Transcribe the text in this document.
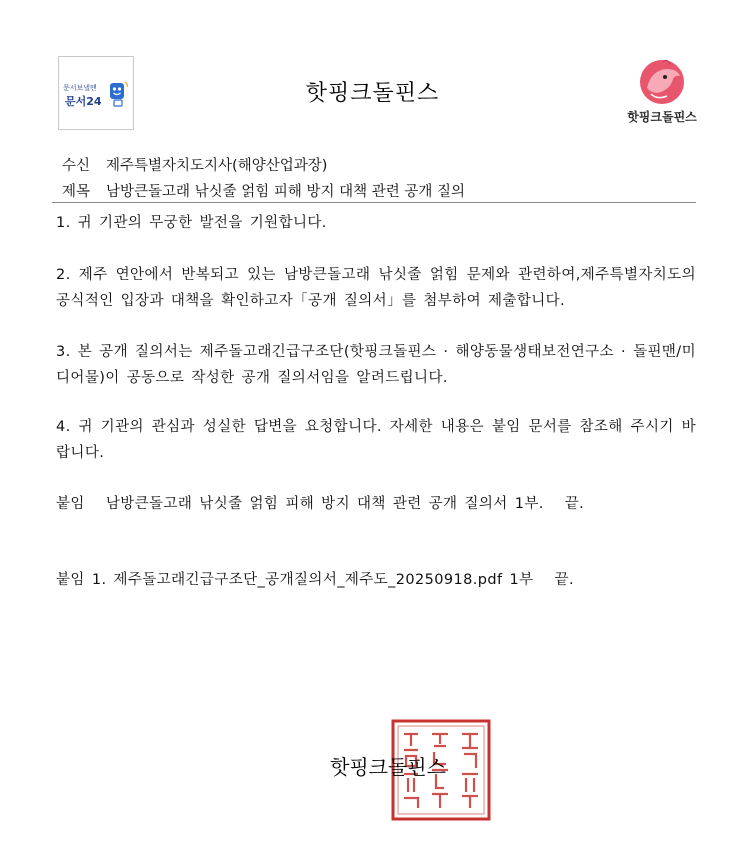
문서보낼땐
문서24	핫핑크돌핀스
핫핑크돌핀스
수신 제주특별자치도지사(해양산업과장)
제목 남방큰돌고래 낚싯줄 얽힘 피해 방지 대책 관련 공개 질의
1. 귀 기관의 무궁한 발전을 기원합니다.
2. 제주 연안에서 반복되고 있는 남방큰돌고래 낚싯줄 얽힘 문제와 관련하여,제주특별자치도의 공식적인 입장과 대책을 확인하고자「공개 질의서」를 첨부하여 제출합니다.
3. 본 공개 질의서는 제주돌고래긴급구조단(핫핑크돌핀스 · 해양동물생태보전연구소 · 돌핀맨/미디어물)이 공동으로 작성한 공개 질의서임을 알려드립니다.
4. 귀 기관의 관심과 성실한 답변을 요청합니다. 자세한 내용은 붙임 문서를 참조해 주시기 바랍니다.
붙임   남방큰돌고래 낚싯줄 얽힘 피해 방지 대책 관련 공개 질의서 1부.   끝.
붙임 1. 제주돌고래긴급구조단_공개질의서_제주도_20250918.pdf 1부   끝.
핫핑크돌핀스
